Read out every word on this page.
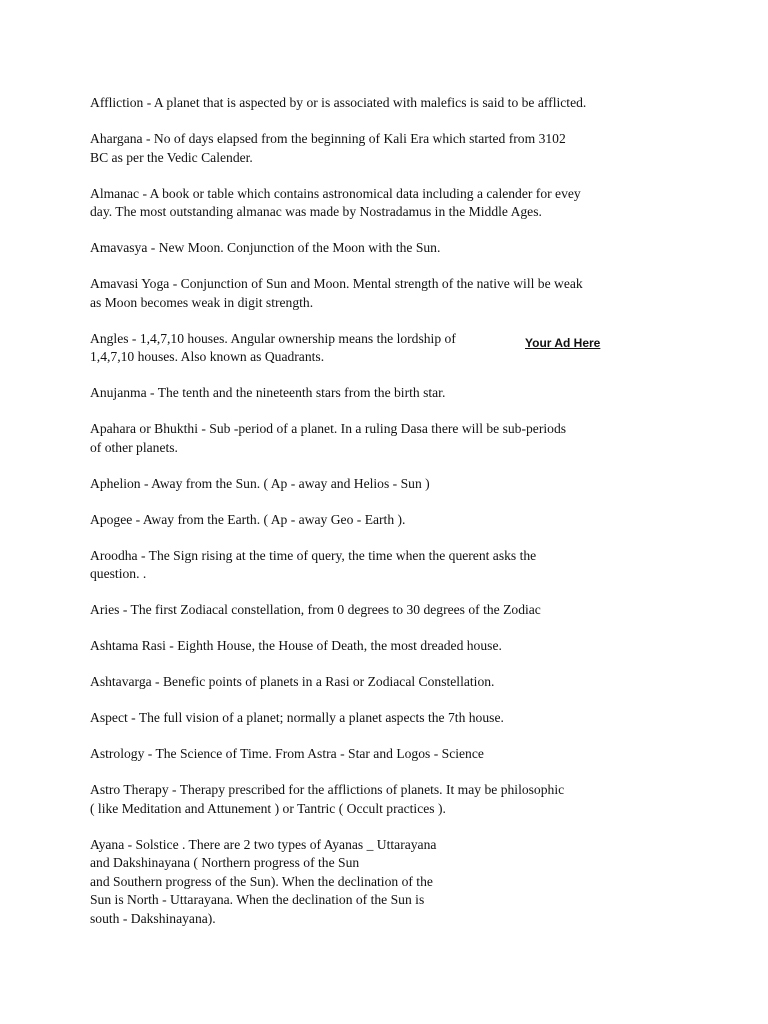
Affliction - A planet that is aspected by or is associated with malefics is said to be afflicted.
Ahargana - No of days elapsed from the beginning of Kali Era which started from 3102
BC as per the Vedic Calender.
Almanac - A book or table which contains astronomical data including a calender for evey
day. The most outstanding almanac was made by Nostradamus in the Middle Ages.
Amavasya - New Moon. Conjunction of the Moon with the Sun.
Amavasi Yoga - Conjunction of Sun and Moon. Mental strength of the native will be weak
as Moon becomes weak in digit strength.
Angles - 1,4,7,10 houses. Angular ownership means the lordship of
1,4,7,10 houses. Also known as Quadrants.
Anujanma - The tenth and the nineteenth stars from the birth star.
Apahara or Bhukthi - Sub -period of a planet. In a ruling Dasa there will be sub-periods
of other planets.
Aphelion - Away from the Sun. ( Ap - away and Helios - Sun )
Apogee - Away from the Earth. ( Ap - away Geo - Earth ).
Aroodha - The Sign rising at the time of query, the time when the querent asks the
question. .
Aries - The first Zodiacal constellation, from 0 degrees to 30 degrees of the Zodiac
Ashtama Rasi - Eighth House, the House of Death, the most dreaded house.
Ashtavarga - Benefic points of planets in a Rasi or Zodiacal Constellation.
Aspect - The full vision of a planet; normally a planet aspects the 7th house.
Astrology - The Science of Time. From Astra - Star and Logos - Science
Astro Therapy - Therapy prescribed for the afflictions of planets. It may be philosophic
( like Meditation and Attunement ) or Tantric ( Occult practices ).
Ayana - Solstice . There are 2 two types of Ayanas _ Uttarayana
and Dakshinayana ( Northern progress of the Sun
and Southern progress of the Sun). When the declination of the
Sun is North - Uttarayana. When the declination of the Sun is
south - Dakshinayana).
Your Ad Here
